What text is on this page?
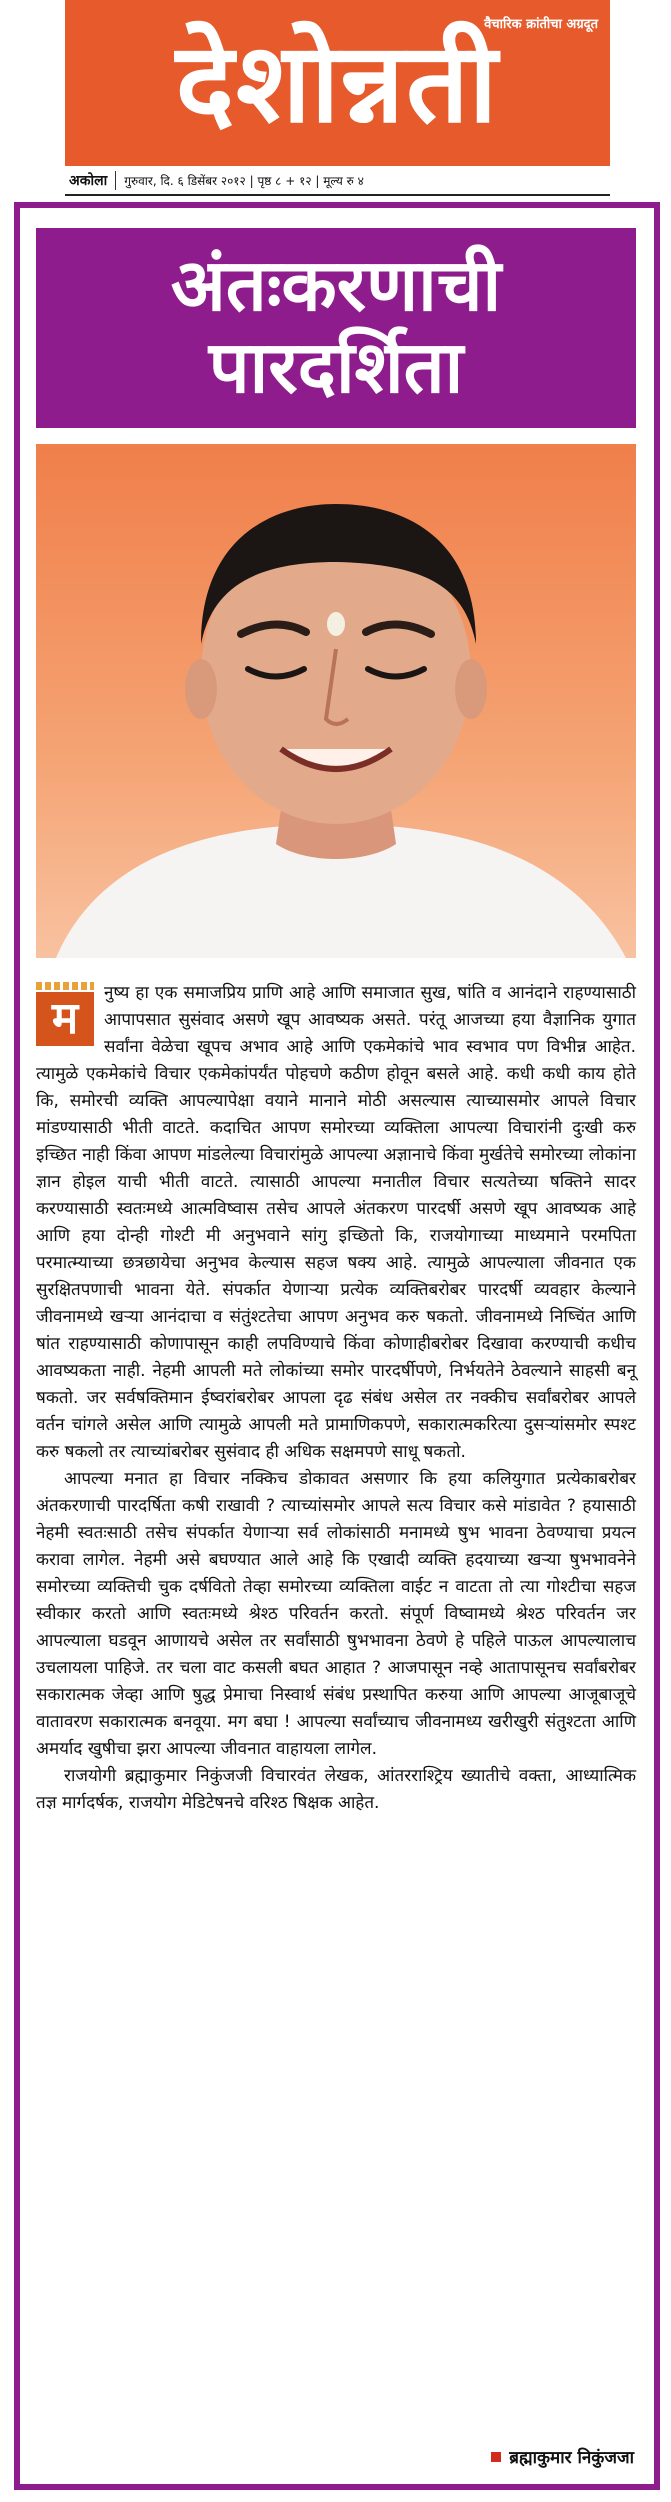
वैचारिक क्रांतीचा अग्रदूत
देशोन्नती
अकोला	गुरुवार, दि. ६ डिसेंबर २०१२ | पृष्ठ ८ + १२ | मूल्य रु ४
अंतःकरणाची
पारदर्शिता
म	नुष्य हा एक समाजप्रिय प्राणि आहे आणि समाजात सुख, षांति व आनंदाने राहण्यासाठी आपापसात सुसंवाद असणे खूप आवष्यक असते. परंतू आजच्या हया वैज्ञानिक युगात सर्वांना वेळेचा खूपच अभाव आहे आणि एकमेकांचे भाव स्वभाव पण विभीन्न आहेत. त्यामुळे एकमेकांचे विचार एकमेकांपर्यंत पोहचणे कठीण होवून बसले आहे. कधी कधी काय होते कि, समोरची व्यक्ति आपल्यापेक्षा वयाने मानाने मोठी असल्यास त्याच्यासमोर आपले विचार मांडण्यासाठी भीती वाटते. कदाचित आपण समोरच्या व्यक्तिला आपल्या विचारांनी दुःखी करु इच्छित नाही किंवा आपण मांडलेल्या विचारांमुळे आपल्या अज्ञानाचे किंवा मुर्खतेचे समोरच्या लोकांना ज्ञान होइल याची भीती वाटते. त्यासाठी आपल्या मनातील विचार सत्यतेच्या षक्तिने सादर करण्यासाठी स्वतःमध्ये आत्मविष्वास तसेच आपले अंतकरण पारदर्षी असणे खूप आवष्यक आहे आणि हया दोन्ही गोश्टी मी अनुभवाने सांगु इच्छितो कि, राजयोगाच्या माध्यमाने परमपिता परमात्म्याच्या छत्रछायेचा अनुभव केल्यास सहज षक्य आहे. त्यामुळे आपल्याला जीवनात एक सुरक्षितपणाची भावना येते. संपर्कात येणाऱ्या प्रत्येक व्यक्तिबरोबर पारदर्षी व्यवहार केल्याने जीवनामध्ये खऱ्या आनंदाचा व संतुंश्टतेचा आपण अनुभव करु षकतो. जीवनामध्ये निष्चिंत आणि षांत राहण्यासाठी कोणापासून काही लपविण्याचे किंवा कोणाहीबरोबर दिखावा करण्याची कधीच आवष्यकता नाही. नेहमी आपली मते लोकांच्या समोर पारदर्षीपणे, निर्भयतेने ठेवल्याने साहसी बनू षकतो. जर सर्वषक्तिमान ईष्वरांबरोबर आपला दृढ संबंध असेल तर नक्कीच सर्वांबरोबर आपले वर्तन चांगले असेल आणि त्यामुळे आपली मते प्रामाणिकपणे, सकारात्मकरित्या दुसऱ्यांसमोर स्पश्ट करु षकलो तर त्याच्यांबरोबर सुसंवाद ही अधिक सक्षमपणे साधू षकतो.

आपल्या मनात हा विचार नक्किच डोकावत असणार कि हया कलियुगात प्रत्येकाबरोबर अंतकरणाची पारदर्षिता कषी राखावी ? त्याच्यांसमोर आपले सत्य विचार कसे मांडावेत ? हयासाठी नेहमी स्वतःसाठी तसेच संपर्कात येणाऱ्या सर्व लोकांसाठी मनामध्ये षुभ भावना ठेवण्याचा प्रयत्न करावा लागेल. नेहमी असे बघण्यात आले आहे कि एखादी व्यक्ति हदयाच्या खऱ्या षुभभावनेने समोरच्या व्यक्तिची चुक दर्षवितो तेव्हा समोरच्या व्यक्तिला वाईट न वाटता तो त्या गोश्टीचा सहज स्वीकार करतो आणि स्वतःमध्ये श्रेश्ठ परिवर्तन करतो. संपूर्ण विष्वामध्ये श्रेश्ठ परिवर्तन जर आपल्याला घडवून आणायचे असेल तर सर्वांसाठी षुभभावना ठेवणे हे पहिले पाऊल आपल्यालाच उचलायला पाहिजे. तर चला वाट कसली बघत आहात ? आजपासून नव्हे आतापासूनच सर्वांबरोबर सकारात्मक जेव्हा आणि षुद्ध प्रेमाचा निस्वार्थ संबंध प्रस्थापित करुया आणि आपल्या आजूबाजूचे वातावरण सकारात्मक बनवूया. मग बघा ! आपल्या सर्वांच्याच जीवनामध्य खरीखुरी संतुश्टता आणि अमर्याद खुषीचा झरा आपल्या जीवनात वाहायला लागेल.

राजयोगी ब्रह्माकुमार निकुंजजी विचारवंत लेखक, आंतरराश्ट्रिय ख्यातीचे वक्ता, आध्यात्मिक तज्ञ मार्गदर्षक, राजयोग मेडिटेषनचे वरिश्ठ षिक्षक आहेत.

ब्रह्माकुमार निकुंजजा
